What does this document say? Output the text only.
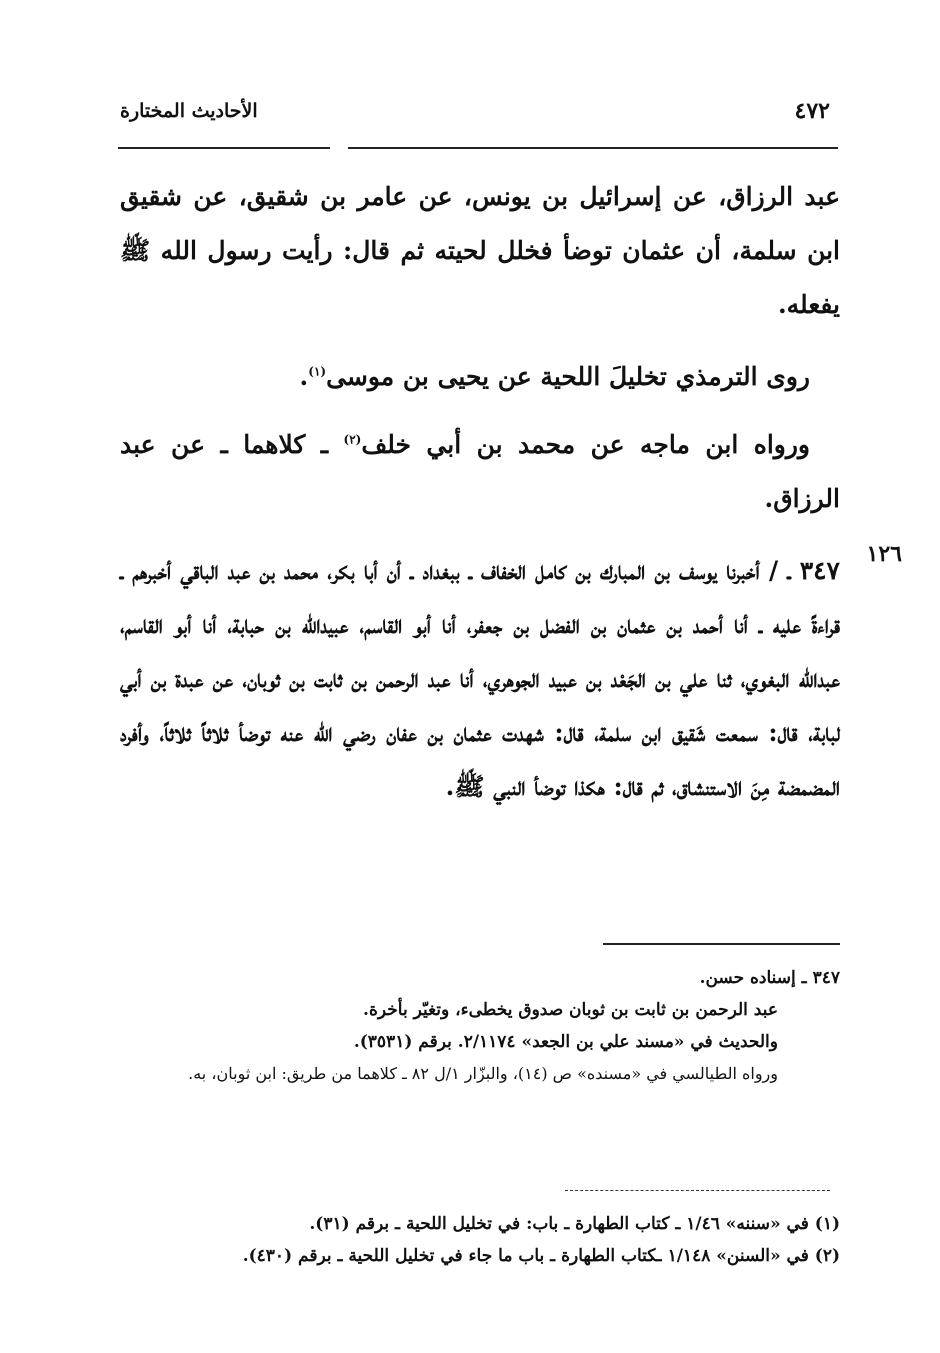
٤٧٢
الأحاديث المختارة

عبد الرزاق، عن إسرائيل بن يونس، عن عامر بن شقيق، عن شقيق ابن سلمة، أن عثمان توضأ فخلل لحيته ثم قال: رأيت رسول الله ﷺ يفعله.

روى الترمذي تخليلَ اللحية عن يحيى بن موسى$^{(١)}$.

ورواه ابن ماجه عن محمد بن أبي خلف$^{(٢)}$ ـ كلاهما ـ عن عبد الرزاق.

٣٤٧ ـ / أخبرنا يوسف بن المبارك بن كامل الخفاف ـ ببغداد ـ أن أبا بكر، محمد بن عبد الباقي أخبرهم ـ قراءةً عليه ـ أنا أحمد بن عثمان بن الفضل بن جعفر، أنا أبو القاسم، عبيدالله بن حبابة، أنا أبو القاسم، عبدالله البغوي، ثنا علي بن الجَعْد بن عبيد الجوهري، أنا عبد الرحمن بن ثابت بن ثوبان، عن عبدة بن أبي لبابة، قال: سمعت شَقيق ابن سلمة، قال: شهدت عثمان بن عفان رضي الله عنه توضأ ثلاثاً ثلاثاً، وأفرد المضمضة مِنَ الاستنشاق، ثم قال: هكذا توضأ النبي ﷺ.

١٢٦

٣٤٧ ـ إسناده حسن.

عبد الرحمن بن ثابت بن ثوبان صدوق يخطىء، وتغيّر بأخرة.

والحديث في «مسند علي بن الجعد» ٢/١١٧٤. برقم (٣٥٣١).

ورواه الطيالسي في «مسنده» ص (١٤)، والبزّار ١/ل ٨٢ ـ كلاهما من طريق: ابن ثوبان، به.

(١) في «سننه» ١/٤٦ ـ كتاب الطهارة ـ باب: في تخليل اللحية ـ برقم (٣١).

(٢) في «السنن» ١/١٤٨ ـكتاب الطهارة ـ باب ما جاء في تخليل اللحية ـ برقم (٤٣٠).
